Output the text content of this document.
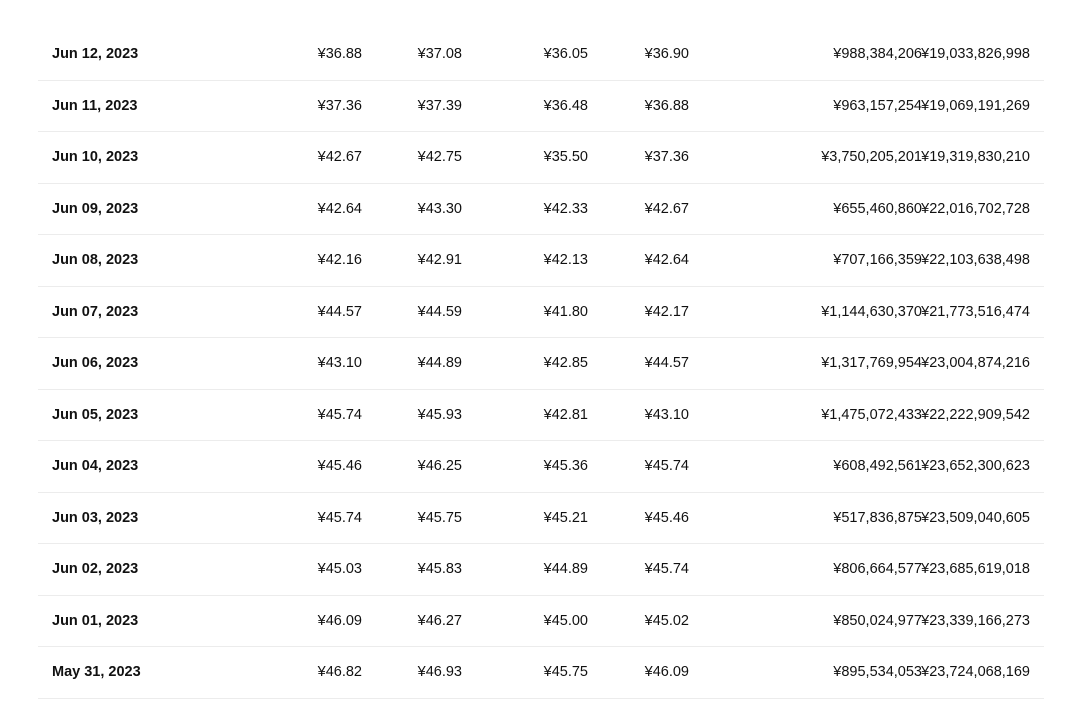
Jun 12, 2023	¥36.88	¥37.08	¥36.05	¥36.90	¥988,384,206 ¥19,033,826,998
Jun 11, 2023	¥37.36	¥37.39	¥36.48	¥36.88	¥963,157,254 ¥19,069,191,269
Jun 10, 2023	¥42.67	¥42.75	¥35.50	¥37.36	¥3,750,205,201 ¥19,319,830,210
Jun 09, 2023	¥42.64	¥43.30	¥42.33	¥42.67	¥655,460,860 ¥22,016,702,728
Jun 08, 2023	¥42.16	¥42.91	¥42.13	¥42.64	¥707,166,359 ¥22,103,638,498
Jun 07, 2023	¥44.57	¥44.59	¥41.80	¥42.17	¥1,144,630,370 ¥21,773,516,474
Jun 06, 2023	¥43.10	¥44.89	¥42.85	¥44.57	¥1,317,769,954 ¥23,004,874,216
Jun 05, 2023	¥45.74	¥45.93	¥42.81	¥43.10	¥1,475,072,433 ¥22,222,909,542
Jun 04, 2023	¥45.46	¥46.25	¥45.36	¥45.74	¥608,492,561 ¥23,652,300,623
Jun 03, 2023	¥45.74	¥45.75	¥45.21	¥45.46	¥517,836,875 ¥23,509,040,605
Jun 02, 2023	¥45.03	¥45.83	¥44.89	¥45.74	¥806,664,577 ¥23,685,619,018
Jun 01, 2023	¥46.09	¥46.27	¥45.00	¥45.02	¥850,024,977 ¥23,339,166,273
May 31, 2023	¥46.82	¥46.93	¥45.75	¥46.09	¥895,534,053 ¥23,724,068,169
